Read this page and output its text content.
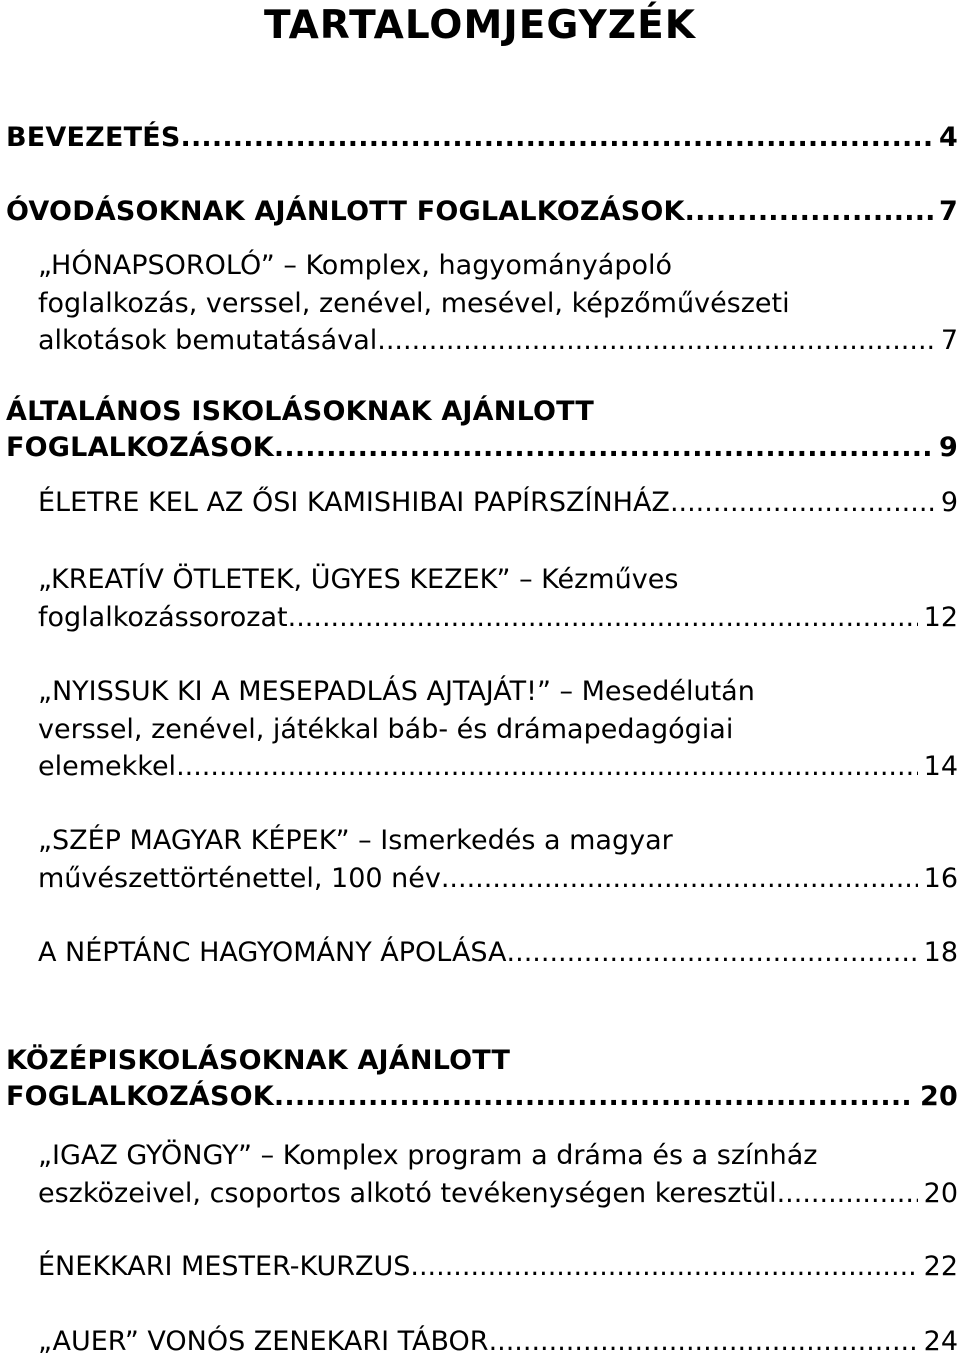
TARTALOMJEGYZÉK
BEVEZETÉS .....	4
ÓVODÁSOKNAK AJÁNLOTT FOGLALKOZÁSOK .....	7
„HÓNAPSOROLÓ” – Komplex, hagyományápoló
foglalkozás, verssel, zenével, mesével, képzőművészeti
alkotások bemutatásával .....	7
ÁLTALÁNOS ISKOLÁSOKNAK AJÁNLOTT
FOGLALKOZÁSOK .....	9
ÉLETRE KEL AZ ŐSI KAMISHIBAI PAPÍRSZÍNHÁZ .....	9
„KREATÍV ÖTLETEK, ÜGYES KEZEK” – Kézműves
foglalkozássorozat .....	12
„NYISSUK KI A MESEPADLÁS AJTAJÁT!” – Mesedélután
verssel, zenével, játékkal báb- és drámapedagógiai
elemekkel .....	14
„SZÉP MAGYAR KÉPEK” – Ismerkedés a magyar
művészettörténettel, 100 név .....	16
A NÉPTÁNC HAGYOMÁNY ÁPOLÁSA .....	18
KÖZÉPISKOLÁSOKNAK AJÁNLOTT
FOGLALKOZÁSOK .....	20
„IGAZ GYÖNGY” – Komplex program a dráma és a színház
eszközeivel, csoportos alkotó tevékenységen keresztül .....	20
ÉNEKKARI MESTER-KURZUS .....	22
„AUER” VONÓS ZENEKARI TÁBOR .....	24
